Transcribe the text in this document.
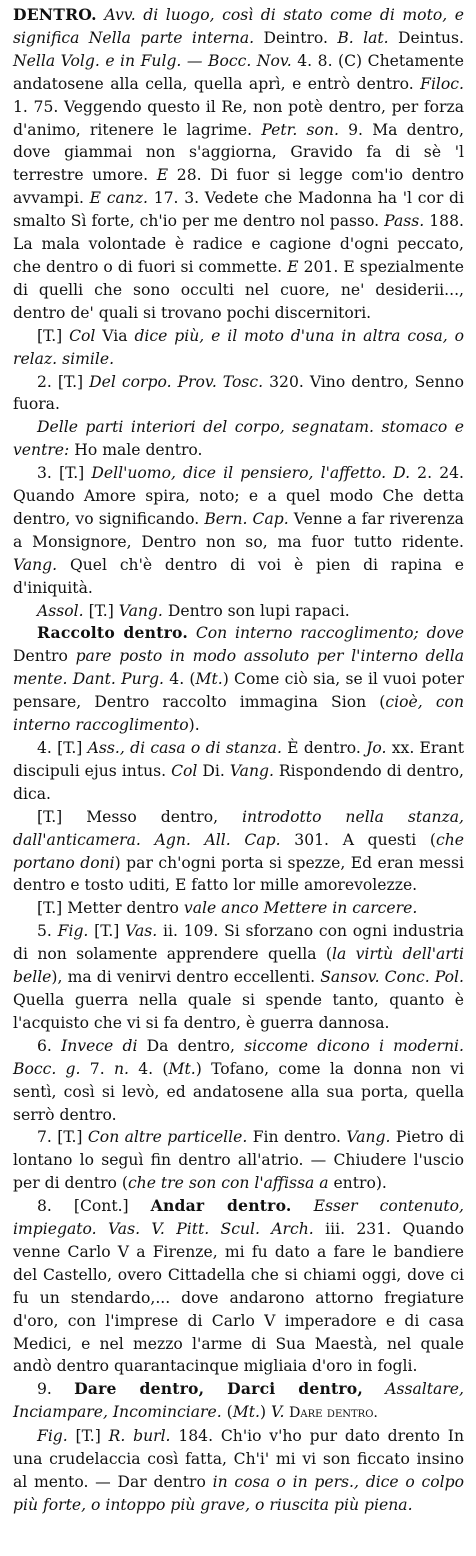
DENTRO. Avv. di luogo, così di stato come di moto, e significa Nella parte interna. Deintro. B. lat. Deintus. Nella Volg. e in Fulg. — Bocc. Nov. 4. 8. (C) Chetamente andatosene alla cella, quella aprì, e entrò dentro. Filoc. 1. 75. Veggendo questo il Re, non potè dentro, per forza d'animo, ritenere le lagrime. Petr. son. 9. Ma dentro, dove giammai non s'aggiorna, Gravido fa di sè 'l terrestre umore. E 28. Di fuor si legge com'io dentro avvampi. E canz. 17. 3. Vedete che Madonna ha 'l cor di smalto Sì forte, ch'io per me dentro nol passo. Pass. 188. La mala volontade è radice e cagione d'ogni peccato, che dentro o di fuori si commette. E 201. E spezialmente di quelli che sono occulti nel cuore, ne' desiderii..., dentro de' quali si trovano pochi discernitori.

[T.] Col Via dice più, e il moto d'una in altra cosa, o relaz. simile.

2. [T.] Del corpo. Prov. Tosc. 320. Vino dentro, Senno fuora.

Delle parti interiori del corpo, segnatam. stomaco e ventre: Ho male dentro.

3. [T.] Dell'uomo, dice il pensiero, l'affetto. D. 2. 24. Quando Amore spira, noto; e a quel modo Che detta dentro, vo significando. Bern. Cap. Venne a far riverenza a Monsignore, Dentro non so, ma fuor tutto ridente. Vang. Quel ch'è dentro di voi è pien di rapina e d'iniquità.

Assol. [T.] Vang. Dentro son lupi rapaci.

Raccolto dentro. Con interno raccoglimento; dove Dentro pare posto in modo assoluto per l'interno della mente. Dant. Purg. 4. (Mt.) Come ciò sia, se il vuoi poter pensare, Dentro raccolto immagina Sion (cioè, con interno raccoglimento).

4. [T.] Ass., di casa o di stanza. È dentro. Jo. xx. Erant discipuli ejus intus. Col Di. Vang. Rispondendo di dentro, dica.

[T.] Messo dentro, introdotto nella stanza, dall'anticamera. Agn. All. Cap. 301. A questi (che portano doni) par ch'ogni porta si spezze, Ed eran messi dentro e tosto uditi, E fatto lor mille amorevolezze.

[T.] Metter dentro vale anco Mettere in carcere.

5. Fig. [T.] Vas. ii. 109. Si sforzano con ogni industria di non solamente apprendere quella (la virtù dell'arti belle), ma di venirvi dentro eccellenti. Sansov. Conc. Pol. Quella guerra nella quale si spende tanto, quanto è l'acquisto che vi si fa dentro, è guerra dannosa.

6. Invece di Da dentro, siccome dicono i moderni. Bocc. g. 7. n. 4. (Mt.) Tofano, come la donna non vi sentì, così si levò, ed andatosene alla sua porta, quella serrò dentro.

7. [T.] Con altre particelle. Fin dentro. Vang. Pietro di lontano lo seguì fin dentro all'atrio. — Chiudere l'uscio per di dentro (che tre son con l'affissa a entro).

8. [Cont.] Andar dentro. Esser contenuto, impiegato. Vas. V. Pitt. Scul. Arch. iii. 231. Quando venne Carlo V a Firenze, mi fu dato a fare le bandiere del Castello, overo Cittadella che si chiami oggi, dove ci fu un stendardo,... dove andarono attorno fregiature d'oro, con l'imprese di Carlo V imperadore e di casa Medici, e nel mezzo l'arme di Sua Maestà, nel quale andò dentro quarantacinque migliaia d'oro in fogli.

9. Dare dentro, Darci dentro, Assaltare, Inciampare, Incominciare. (Mt.) V. Dare dentro.

Fig. [T.] R. burl. 184. Ch'io v'ho pur dato drento In una crudelaccia così fatta, Ch'i' mi vi son ficcato insino al mento. — Dar dentro in cosa o in pers., dice o colpo più forte, o intoppo più grave, o riuscita più piena.
